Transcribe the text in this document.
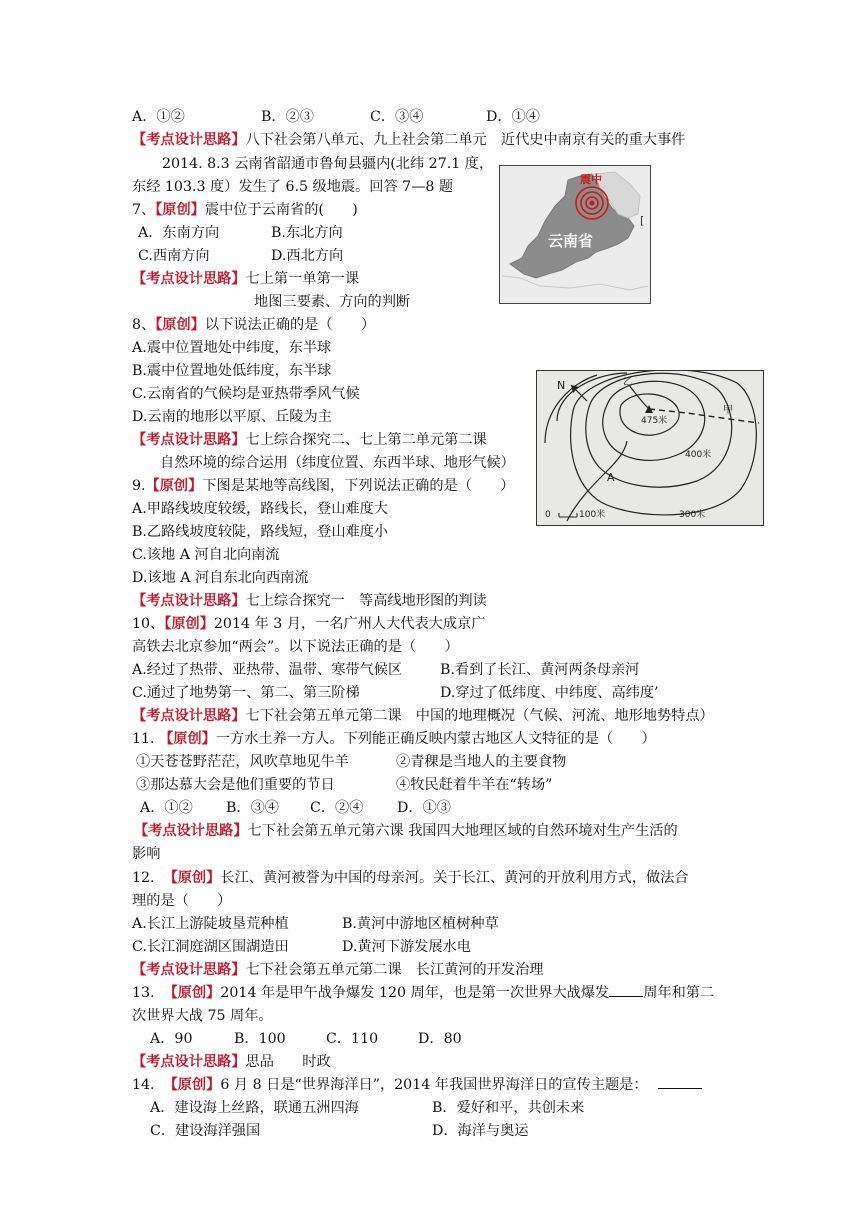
A．①②	B．②③	C．③④	D．①④
【考点设计思路】八下社会第八单元、九上社会第二单元　近代史中南京有关的重大事件
2014. 8.3 云南省韶通市鲁甸县疆内(北纬 27.1 度，
东经 103.3 度）发生了 6.5 级地震。回答 7—8 题
7、【原创】震中位于云南省的(　　)
A．东南方向	B.东北方向
C.西南方向	D.西北方向
【考点设计思路】七上第一单第一课
地图三要素、方向的判断
震中
云南省
[
8、【原创】以下说法正确的是（　　）
A.震中位置地处中纬度，东半球
B.震中位置地处低纬度，东半球
C.云南省的气候均是亚热带季风气候
D.云南的地形以平原、丘陵为主
【考点设计思路】七上综合探究二、七上第二单元第二课
自然环境的综合运用（纬度位置、东西半球、地形气候）
N	乙
甲
475米
400米
300米
A
0	100米
9.【原创】下图是某地等高线图，下列说法正确的是（　　）
A.甲路线坡度较缓，路线长，登山难度大
B.乙路线坡度较陡，路线短，登山难度小
C.该地 A 河自北向南流
D.该地 A 河自东北向西南流
【考点设计思路】七上综合探究一　等高线地形图的判读
10、【原创】2014 年 3 月，一名广州人大代表大成京广
高铁去北京参加“两会”。以下说法正确的是（　　）
A.经过了热带、亚热带、温带、寒带气候区	B.看到了长江、黄河两条母亲河
C.通过了地势第一、第二、第三阶梯	D.穿过了低纬度、中纬度、高纬度’
【考点设计思路】七下社会第五单元第二课　中国的地理概况（气候、河流、地形地势特点）
11. 【原创】一方水土养一方人。下列能正确反映内蒙古地区人文特征的是（　　）
①天苍苍野茫茫，风吹草地见牛羊	②青稞是当地人的主要食物
③那达慕大会是他们重要的节日	④牧民赶着牛羊在“转场”
A．①② B．③④ C．②④ D．①③
【考点设计思路】七下社会第五单元第六课 我国四大地理区域的自然环境对生产生活的
影响
12. 【原创】长江、黄河被誉为中国的母亲河。关于长江、黄河的开放利用方式，做法合
理的是（　　）
A.长江上游陡坡垦荒种植	B.黄河中游地区植树种草
C.长江洞庭湖区围湖造田	D.黄河下游发展水电
【考点设计思路】七下社会第五单元第二课　长江黄河的开发治理
13. 【原创】2014 年是甲午战争爆发 120 周年，也是第一次世界大战爆发 周年和第二
次世界大战 75 周年。
A．90	B．100	C．110	D．80
【考点设计思路】思品　　时政
14. 【原创】6 月 8 日是“世界海洋日”，2014 年我国世界海洋日的宣传主题是：
A．建设海上丝路，联通五洲四海	B．爱好和平，共创未来
C．建设海洋强国	D．海洋与奥运
